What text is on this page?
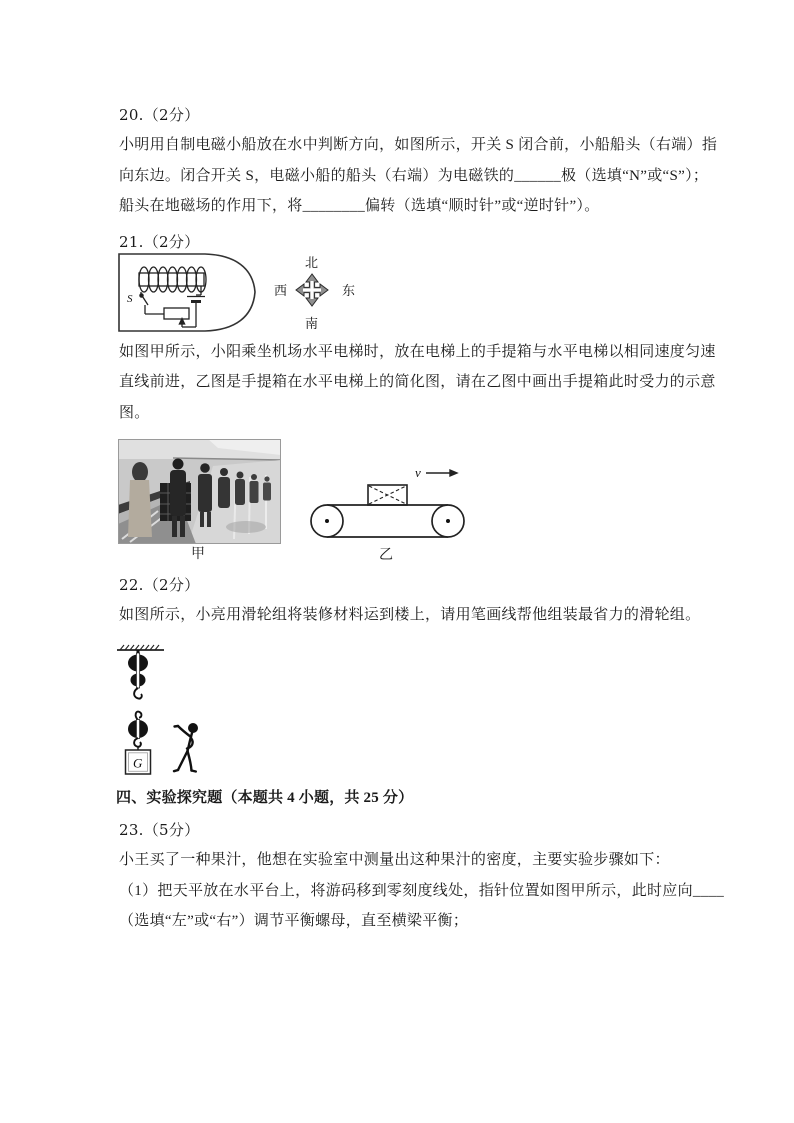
20.（2分）
小明用自制电磁小船放在水中判断方向，如图所示，开关 S 闭合前，小船船头（右端）指
向东边。闭合开关 S，电磁小船的船头（右端）为电磁铁的______极（选填“N”或“S”）；
船头在地磁场的作用下，将________偏转（选填“顺时针”或“逆时针”）。
21.（2分）
S
北
西	东
南
如图甲所示，小阳乘坐机场水平电梯时，放在电梯上的手提箱与水平电梯以相同速度匀速
直线前进，乙图是手提箱在水平电梯上的简化图，请在乙图中画出手提箱此时受力的示意
图。
v
甲	乙
22.（2分）
如图所示，小亮用滑轮组将装修材料运到楼上，请用笔画线帮他组装最省力的滑轮组。
G
四、实验探究题（本题共 4 小题，共 25 分）
23.（5分）
小王买了一种果汁，他想在实验室中测量出这种果汁的密度，主要实验步骤如下：
（1）把天平放在水平台上，将游码移到零刻度线处，指针位置如图甲所示，此时应向____
（选填“左”或“右”）调节平衡螺母，直至横梁平衡；
